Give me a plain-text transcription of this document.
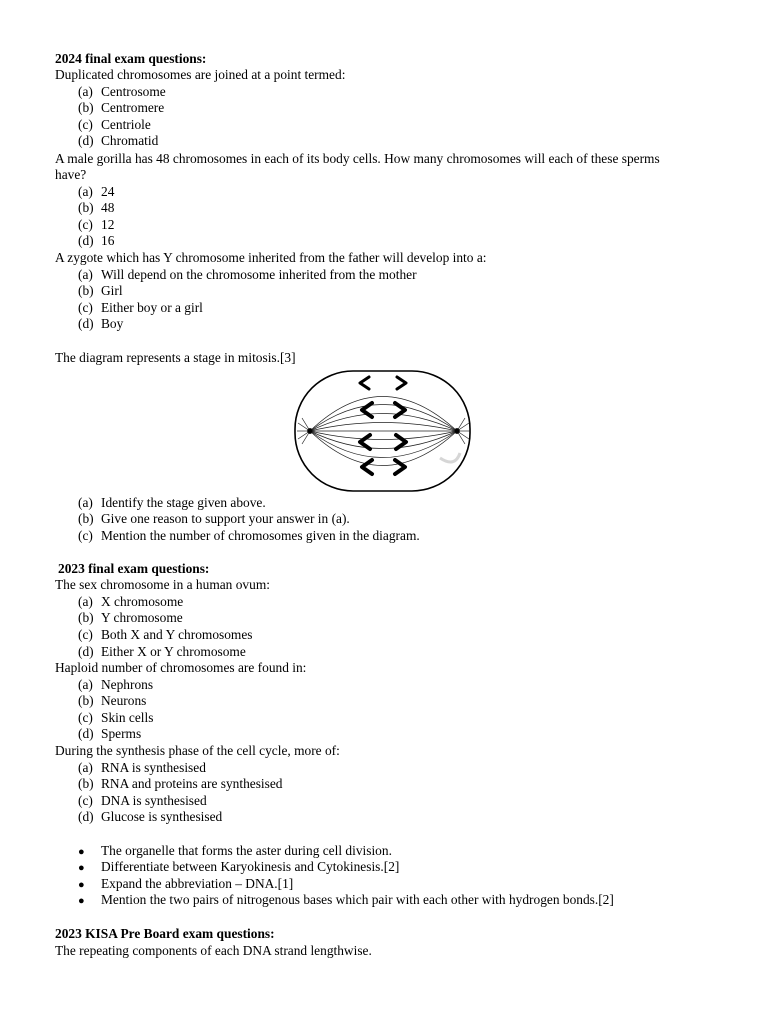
2024 final exam questions:
Duplicated chromosomes are joined at a point termed:
(a) Centrosome
(b) Centromere
(c) Centriole
(d) Chromatid
A male gorilla has 48 chromosomes in each of its body cells. How many chromosomes will each of these sperms
have?
(a) 24
(b) 48
(c) 12
(d) 16
A zygote which has Y chromosome inherited from the father will develop into a:
(a) Will depend on the chromosome inherited from the mother
(b) Girl
(c) Either boy or a girl
(d) Boy
The diagram represents a stage in mitosis.[3]
(a) Identify the stage given above.
(b) Give one reason to support your answer in (a).
(c) Mention the number of chromosomes given in the diagram.
2023 final exam questions:
The sex chromosome in a human ovum:
(a) X chromosome
(b) Y chromosome
(c) Both X and Y chromosomes
(d) Either X or Y chromosome
Haploid number of chromosomes are found in:
(a) Nephrons
(b) Neurons
(c) Skin cells
(d) Sperms
During the synthesis phase of the cell cycle, more of:
(a) RNA is synthesised
(b) RNA and proteins are synthesised
(c) DNA is synthesised
(d) Glucose is synthesised
● The organelle that forms the aster during cell division.
● Differentiate between Karyokinesis and Cytokinesis.[2]
● Expand the abbreviation – DNA.[1]
● Mention the two pairs of nitrogenous bases which pair with each other with hydrogen bonds.[2]
2023 KISA Pre Board exam questions:
The repeating components of each DNA strand lengthwise.
